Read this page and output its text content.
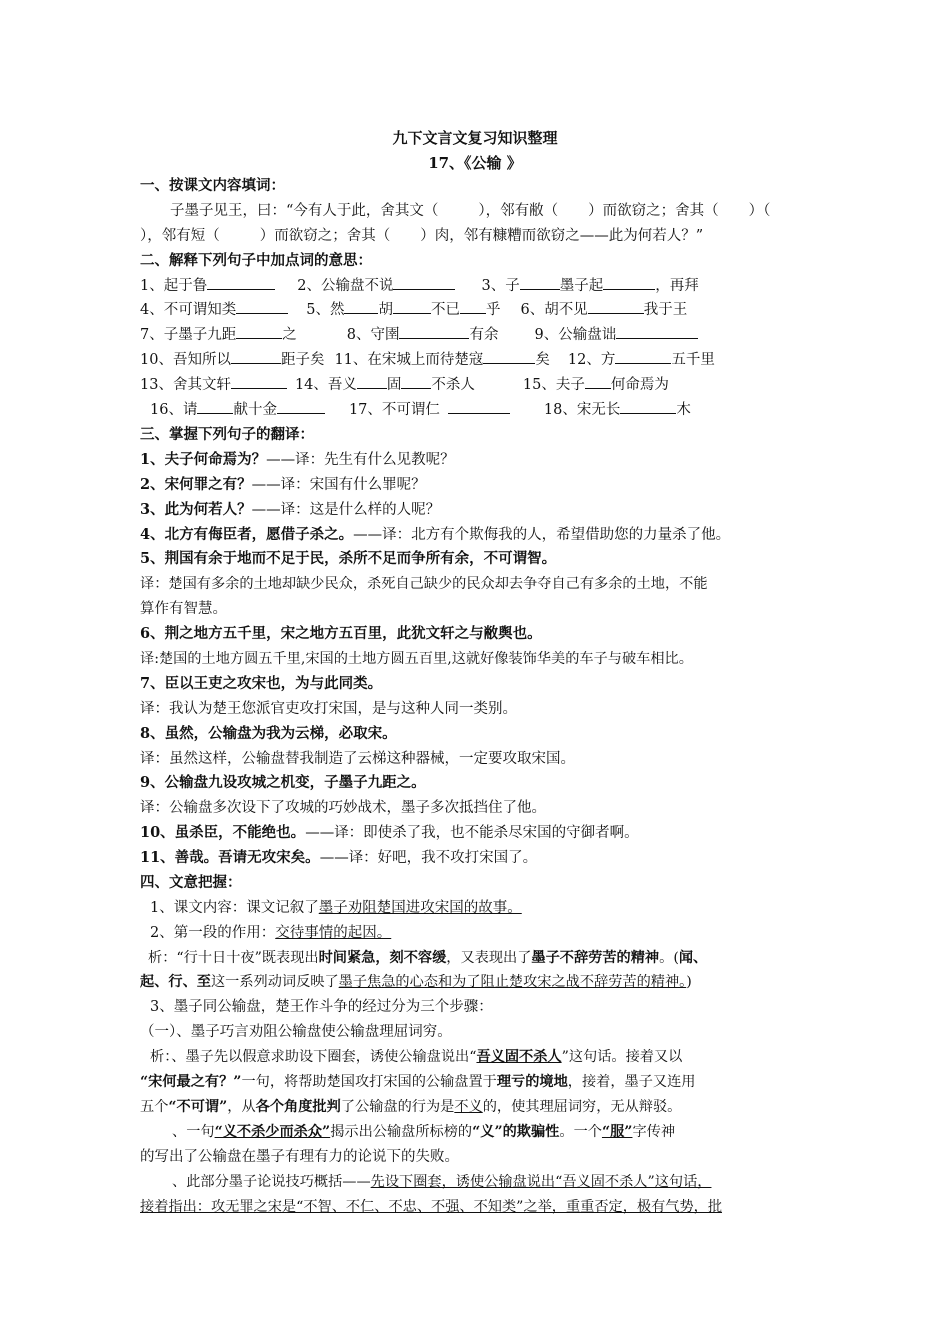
九下文言文复习知识整理
17、《公输 》
一、按课文内容填词：
子墨子见王，曰：“今有人于此，舍其文（	），邻有敝（ ）而欲窃之；舍其（ ）（
），邻有短（	）而欲窃之；舍其（ ）肉，邻有糠糟而欲窃之——此为何若人？”
二、解释下列句子中加点词的意思：
1、起于鲁	2、公输盘不说	3、子	墨子起	，再拜
4、不可谓知类	5、然 胡	不已 乎 6、胡不见	我于王
7、子墨子九距	之	8、守圉	有余 9、公输盘诎
10、吾知所以	距子矣 11、在宋城上而待楚寇	矣 12、方	五千里
13、舍其文轩	14、吾义 固 不杀人	15、夫子 何命焉为
16、请 献十金	17、不可谓仁	18、宋无长	木
三、掌握下列句子的翻译：
1、夫子何命焉为？——译：先生有什么见教呢？
2、宋何罪之有？——译：宋国有什么罪呢？
3、此为何若人？——译：这是什么样的人呢？
4、北方有侮臣者，愿借子杀之。——译：北方有个欺侮我的人，希望借助您的力量杀了他。
5、荆国有余于地而不足于民，杀所不足而争所有余，不可谓智。
译：楚国有多余的土地却缺少民众，杀死自己缺少的民众却去争夺自己有多余的土地，不能
算作有智慧。
6、荆之地方五千里，宋之地方五百里，此犹文轩之与敝舆也。
译:楚国的土地方圆五千里,宋国的土地方圆五百里,这就好像装饰华美的车子与破车相比。
7、臣以王吏之攻宋也，为与此同类。
译：我认为楚王您派官吏攻打宋国，是与这种人同一类别。
8、虽然，公输盘为我为云梯，必取宋。
译：虽然这样，公输盘替我制造了云梯这种器械，一定要攻取宋国。
9、公输盘九设攻城之机变，子墨子九距之。
译：公输盘多次设下了攻城的巧妙战术，墨子多次抵挡住了他。
10、虽杀臣，不能绝也。——译：即使杀了我，也不能杀尽宋国的守御者啊。
11、善哉。吾请无攻宋矣。——译：好吧，我不攻打宋国了。
四、文意把握：
1、课文内容：课文记叙了墨子劝阻楚国进攻宋国的故事。
2、第一段的作用：交待事情的起因。
析：“行十日十夜”既表现出时间紧急，刻不容缓，又表现出了墨子不辞劳苦的精神。(闻、
起、行、至这一系列动词反映了墨子焦急的心态和为了阻止楚攻宋之战不辞劳苦的精神。)
3、墨子同公输盘，楚王作斗争的经过分为三个步骤：
（一）、墨子巧言劝阻公输盘使公输盘理屈词穷。
析：、墨子先以假意求助设下圈套，诱使公输盘说出“吾义固不杀人”这句话。接着又以
“宋何最之有？”一句，将帮助楚国攻打宋国的公输盘置于理亏的境地，接着，墨子又连用
五个“不可谓”，从各个角度批判了公输盘的行为是不义的，使其理屈词穷，无从辩驳。
、一句“义不杀少而杀众”揭示出公输盘所标榜的“义”的欺骗性。一个“服”字传神
的写出了公输盘在墨子有理有力的论说下的失败。
、此部分墨子论说技巧概括——先设下圈套，诱使公输盘说出“吾义固不杀人”这句话，
接着指出：攻无罪之宋是“不智、不仁、不忠、不强、不知类”之举，重重否定，极有气势，批
